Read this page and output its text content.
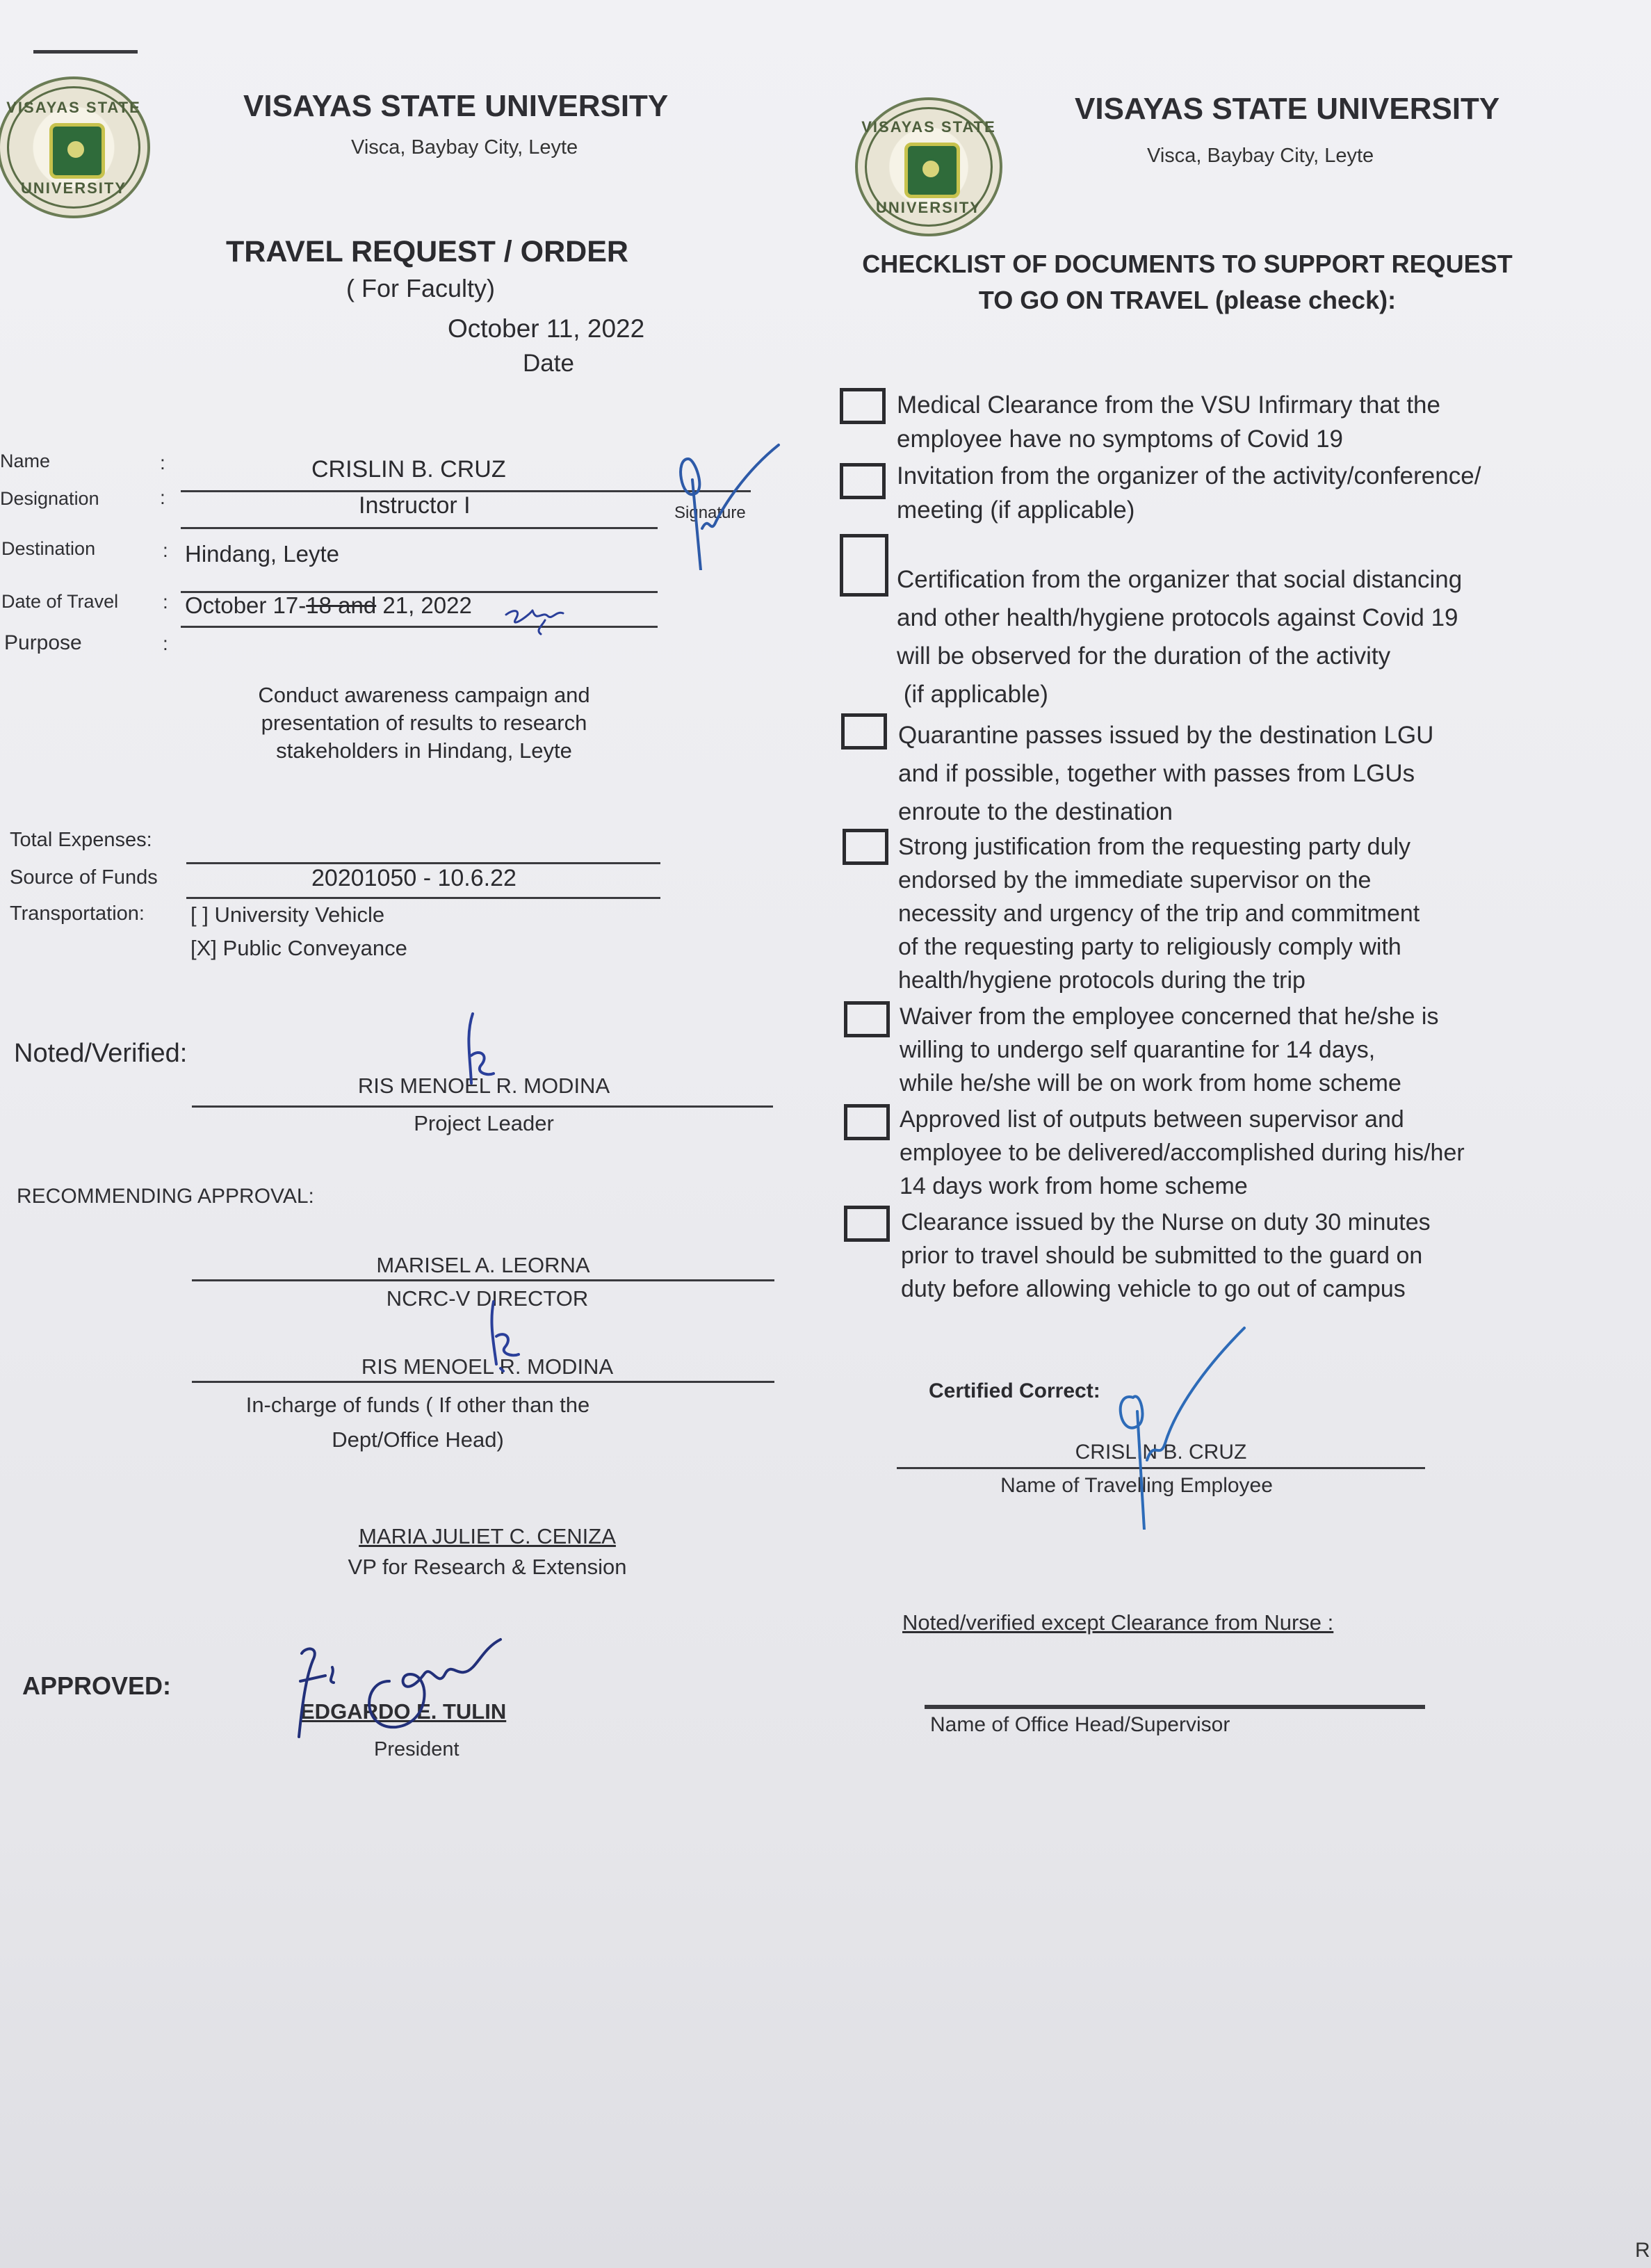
VISAYAS STATE
UNIVERSITY
VISAYAS STATE UNIVERSITY
Visca, Baybay City, Leyte
TRAVEL REQUEST / ORDER
( For Faculty)
October 11, 2022
Date
Name	:	CRISLIN B. CRUZ
Designation	:	Instructor I	Signature
Destination	: Hindang, Leyte
Date of Travel : October 17-18 and 21, 2022
Purpose	:
Conduct awareness campaign and
presentation of results to research
stakeholders in Hindang, Leyte
Total Expenses:
Source of Funds	20201050 - 10.6.22
Transportation: [ ] University Vehicle
[X] Public Conveyance
Noted/Verified:
RIS MENOEL R. MODINA
Project Leader
RECOMMENDING APPROVAL:
MARISEL A. LEORNA
NCRC-V DIRECTOR
RIS MENOEL R. MODINA
In-charge of funds ( If other than the
Dept/Office Head)
MARIA JULIET C. CENIZA
VP for Research & Extension
APPROVED:
EDGARDO E. TULIN
President
VISAYAS STATE
UNIVERSITY
VISAYAS STATE UNIVERSITY
Visca, Baybay City, Leyte
CHECKLIST OF DOCUMENTS TO SUPPORT REQUEST
TO GO ON TRAVEL (please check):
Medical Clearance from the VSU Infirmary that the
employee have no symptoms of Covid 19
Invitation from the organizer of the activity/conference/
meeting (if applicable)
Certification from the organizer that social distancing
and other health/hygiene protocols against Covid 19
will be observed for the duration of the activity
(if applicable)
Quarantine passes issued by the destination LGU
and if possible, together with passes from LGUs
enroute to the destination
Strong justification from the requesting party duly
endorsed by the immediate supervisor on the
necessity and urgency of the trip and commitment
of the requesting party to religiously comply with
health/hygiene protocols during the trip
Waiver from the employee concerned that he/she is
willing to undergo self quarantine for 14 days,
while he/she will be on work from home scheme
Approved list of outputs between supervisor and
employee to be delivered/accomplished during his/her
14 days work from home scheme
Clearance issued by the Nurse on duty 30 minutes
prior to travel should be submitted to the guard on
duty before allowing vehicle to go out of campus
Certified Correct:
CRISLIN B. CRUZ
Name of Travelling Employee
Noted/verified except Clearance from Nurse :
Name of Office Head/Supervisor
R
